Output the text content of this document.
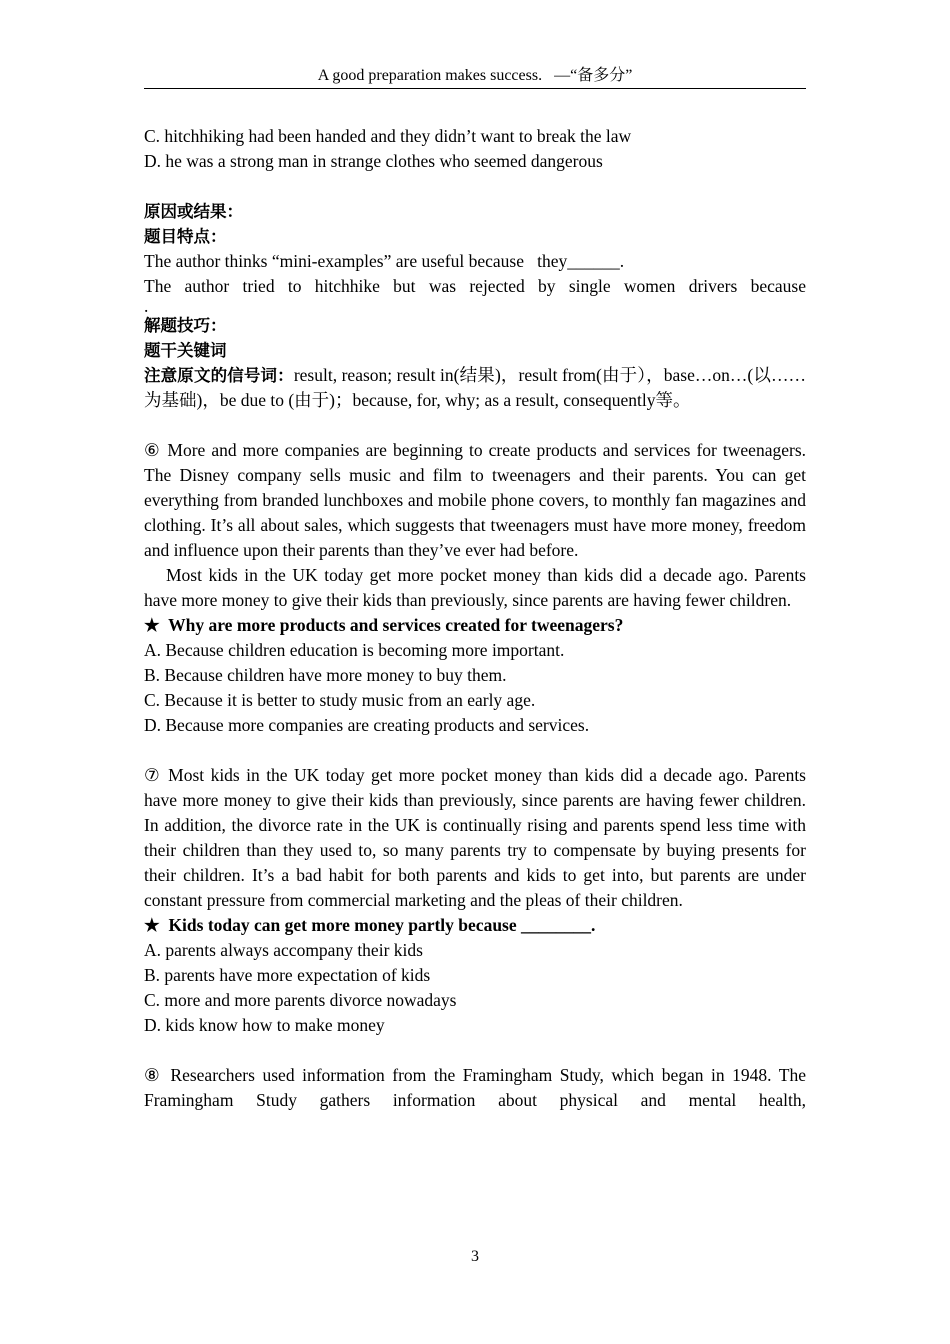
A good preparation makes success.   —“备多分”
C. hitchhiking had been handed and they didn’t want to break the law
D. he was a strong man in strange clothes who seemed dangerous
原因或结果：
题目特点：
The author thinks “mini-examples” are useful because   they______.
The author tried to hitchhike but was rejected by single women drivers because
.
解题技巧：
题干关键词
注意原文的信号词：result, reason; result in(结果)，result from(由于），base…on…(以……为基础)，be due to (由于)；because, for, why; as a result, consequently等。
⑥ More and more companies are beginning to create products and services for tweenagers. The Disney company sells music and film to tweenagers and their parents. You can get everything from branded lunchboxes and mobile phone covers, to monthly fan magazines and clothing. It’s all about sales, which suggests that tweenagers must have more money, freedom and influence upon their parents than they’ve ever had before.
Most kids in the UK today get more pocket money than kids did a decade ago. Parents have more money to give their kids than previously, since parents are having fewer children.
★  Why are more products and services created for tweenagers?
A. Because children education is becoming more important.
B. Because children have more money to buy them.
C. Because it is better to study music from an early age.
D. Because more companies are creating products and services.
⑦ Most kids in the UK today get more pocket money than kids did a decade ago. Parents have more money to give their kids than previously, since parents are having fewer children. In addition, the divorce rate in the UK is continually rising and parents spend less time with their children than they used to, so many parents try to compensate by buying presents for their children. It’s a bad habit for both parents and kids to get into, but parents are under constant pressure from commercial marketing and the pleas of their children.
★  Kids today can get more money partly because ________.
A. parents always accompany their kids
B. parents have more expectation of kids
C. more and more parents divorce nowadays
D. kids know how to make money
⑧ Researchers used information from the Framingham Study, which began in 1948. The Framingham Study gathers information about physical and mental health,
3
